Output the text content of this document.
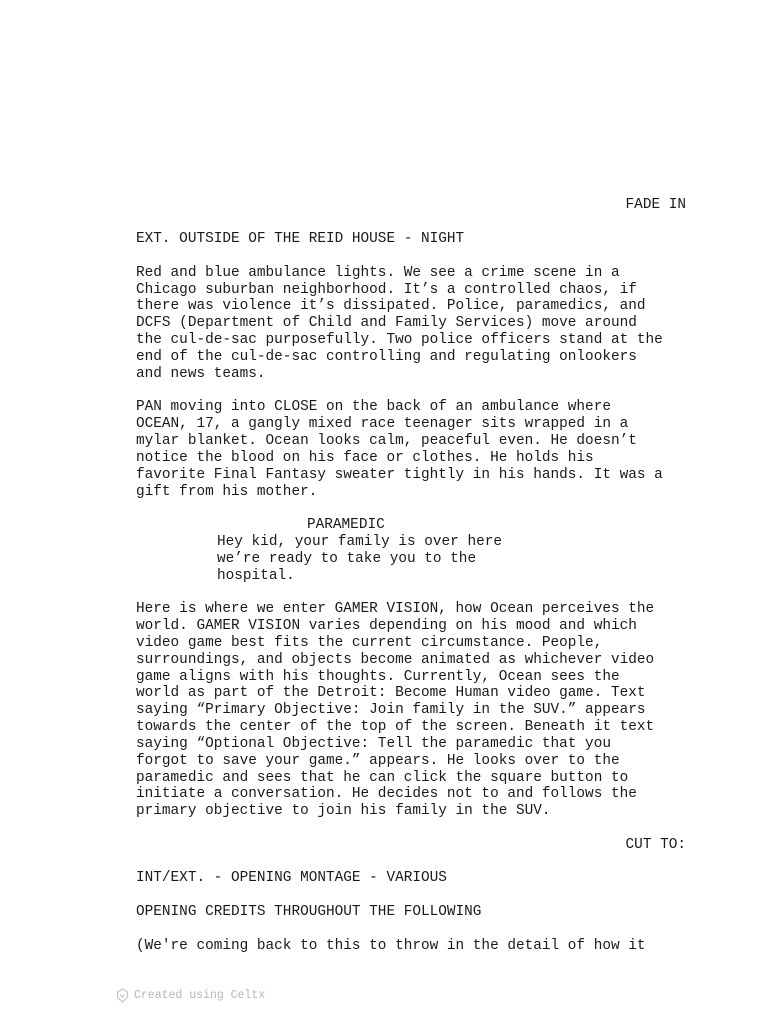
FADE IN
EXT. OUTSIDE OF THE REID HOUSE - NIGHT
Red and blue ambulance lights. We see a crime scene in a
Chicago suburban neighborhood. It’s a controlled chaos, if
there was violence it’s dissipated. Police, paramedics, and
DCFS (Department of Child and Family Services) move around
the cul-de-sac purposefully. Two police officers stand at the
end of the cul-de-sac controlling and regulating onlookers
and news teams.
PAN moving into CLOSE on the back of an ambulance where
OCEAN, 17, a gangly mixed race teenager sits wrapped in a
mylar blanket. Ocean looks calm, peaceful even. He doesn’t
notice the blood on his face or clothes. He holds his
favorite Final Fantasy sweater tightly in his hands. It was a
gift from his mother.
PARAMEDIC
Hey kid, your family is over here
we’re ready to take you to the
hospital.
Here is where we enter GAMER VISION, how Ocean perceives the
world. GAMER VISION varies depending on his mood and which
video game best fits the current circumstance. People,
surroundings, and objects become animated as whichever video
game aligns with his thoughts. Currently, Ocean sees the
world as part of the Detroit: Become Human video game. Text
saying “Primary Objective: Join family in the SUV.” appears
towards the center of the top of the screen. Beneath it text
saying “Optional Objective: Tell the paramedic that you
forgot to save your game.” appears. He looks over to the
paramedic and sees that he can click the square button to
initiate a conversation. He decides not to and follows the
primary objective to join his family in the SUV.
CUT TO:
INT/EXT. - OPENING MONTAGE - VARIOUS
OPENING CREDITS THROUGHOUT THE FOLLOWING
(We're coming back to this to throw in the detail of how it
Created using Celtx
